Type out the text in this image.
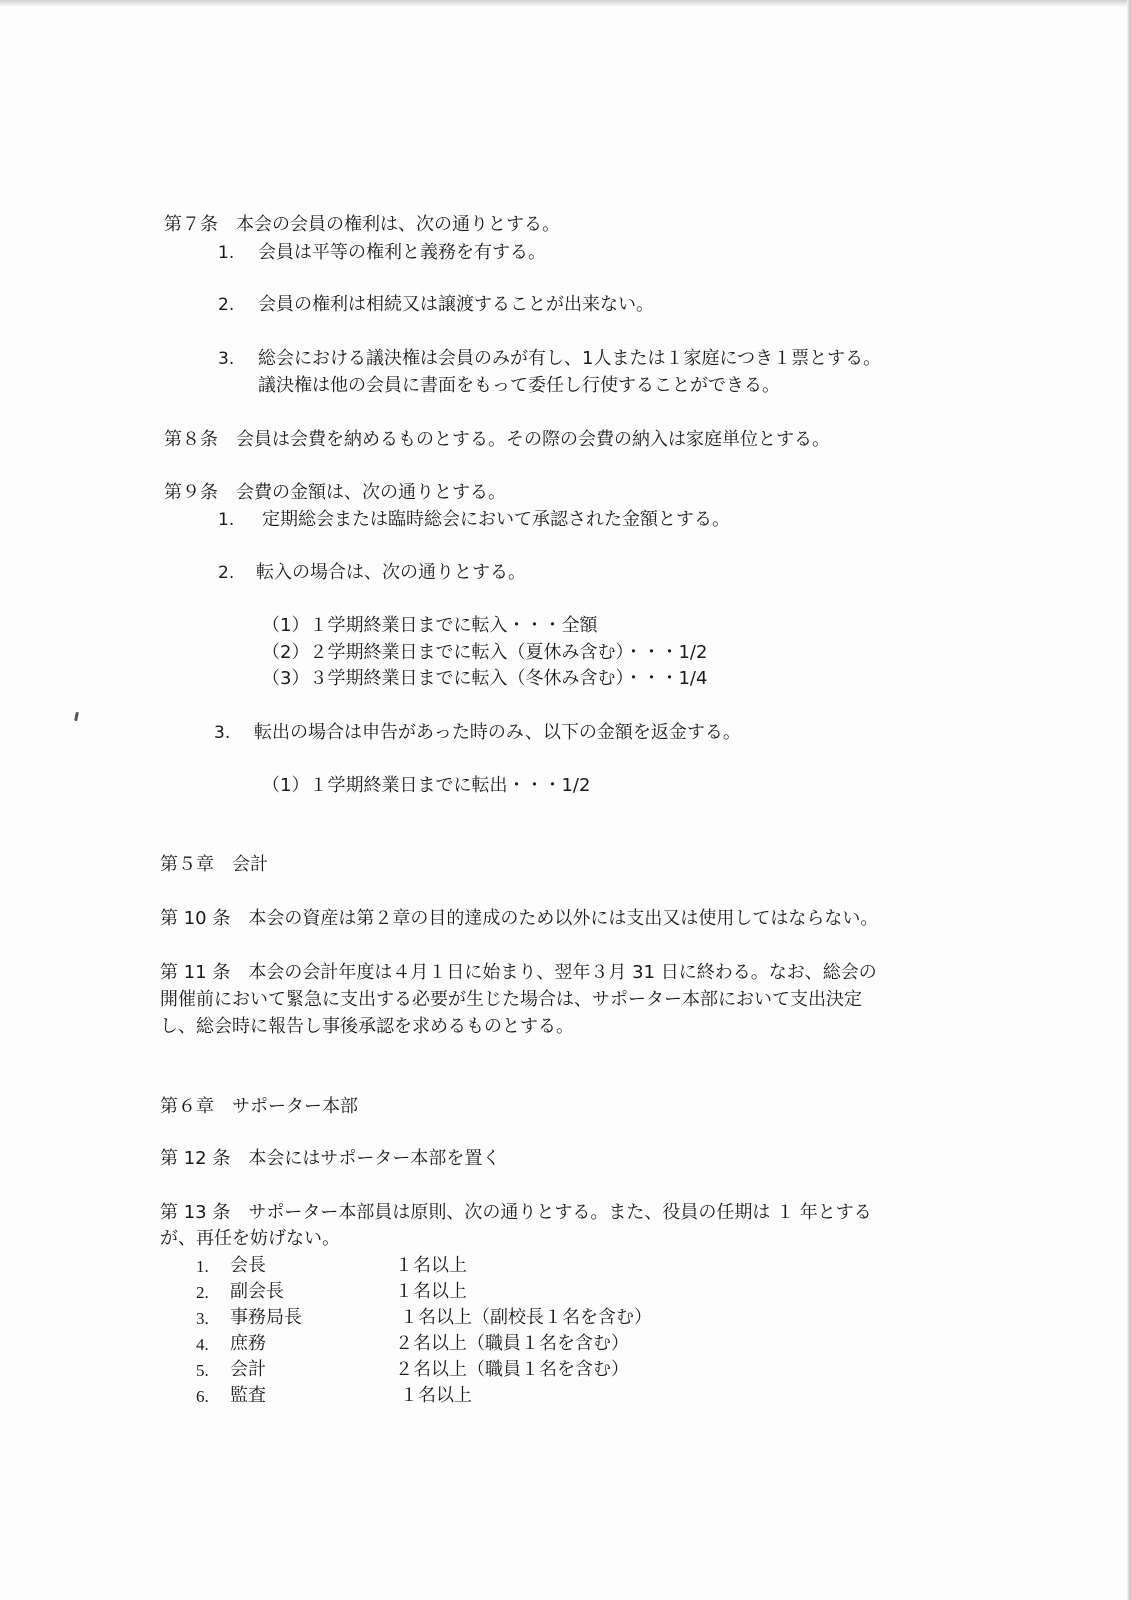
第７条　本会の会員の権利は、次の通りとする。
1. 会員は平等の権利と義務を有する。
2. 会員の権利は相続又は譲渡することが出来ない。
3. 総会における議決権は会員のみが有し、1人または１家庭につき１票とする。
議決権は他の会員に書面をもって委任し行使することができる。
第８条　会員は会費を納めるものとする。その際の会費の納入は家庭単位とする。
第９条　会費の金額は、次の通りとする。
1. 定期総会または臨時総会において承認された金額とする。
2. 転入の場合は、次の通りとする。
（1）１学期終業日までに転入・・・全額
（2）２学期終業日までに転入（夏休み含む）・・・1/2
（3）３学期終業日までに転入（冬休み含む）・・・1/4
3. 転出の場合は申告があった時のみ、以下の金額を返金する。
（1）１学期終業日までに転出・・・1/2
第５章　会計
第 10 条　本会の資産は第２章の目的達成のため以外には支出又は使用してはならない。
第 11 条　本会の会計年度は４月１日に始まり、翌年３月 31 日に終わる。なお、総会の
開催前において緊急に支出する必要が生じた場合は、サポーター本部において支出決定
し、総会時に報告し事後承認を求めるものとする。
第６章　サポーター本部
第 12 条　本会にはサポーター本部を置く
第 13 条　サポーター本部員は原則、次の通りとする。また、役員の任期は １ 年とする
が、再任を妨げない。
1. 会長	１名以上
2. 副会長	１名以上
3. 事務局長	１名以上（副校長１名を含む）
4. 庶務	２名以上（職員１名を含む）
5. 会計	２名以上（職員１名を含む）
6. 監査	１名以上
